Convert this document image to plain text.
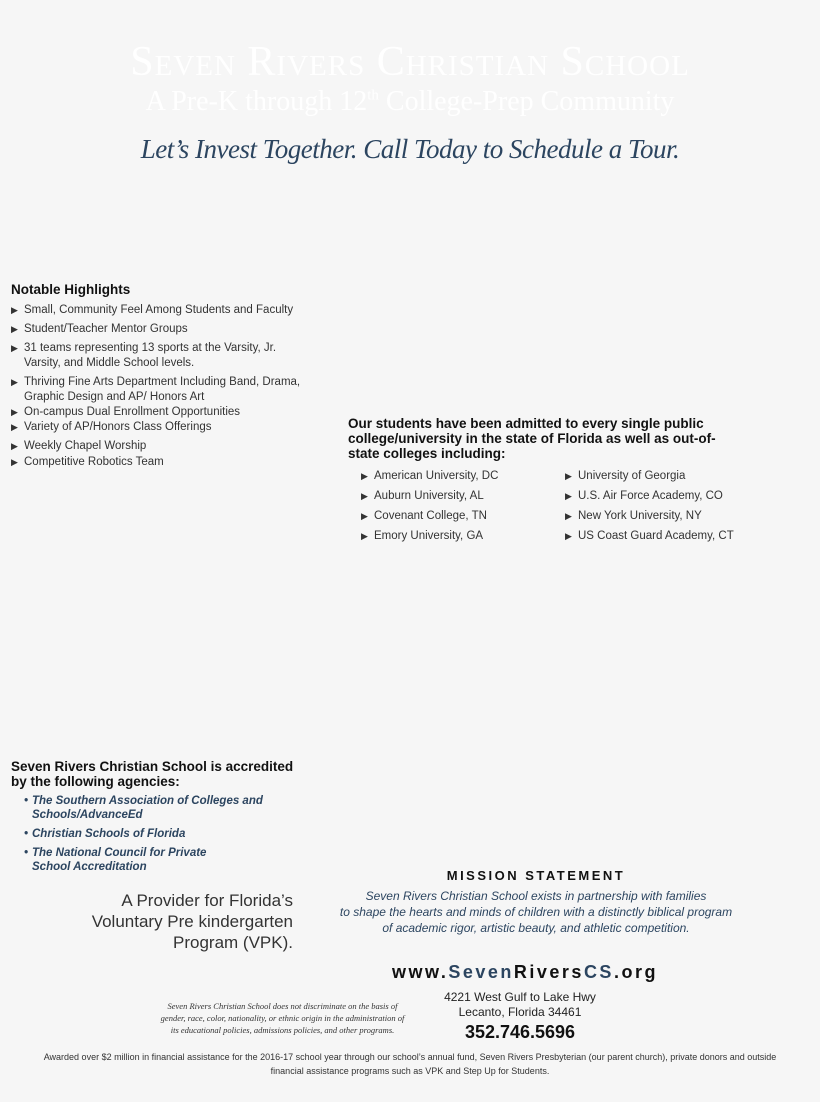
Seven Rivers Christian School
A Pre-K through 12th College-Prep Community
Let’s Invest Together. Call Today to Schedule a Tour.
Notable Highlights
▶ Small, Community Feel Among Students and Faculty
▶ Student/Teacher Mentor Groups
▶ 31 teams representing 13 sports at the Varsity, Jr. Varsity, and Middle School levels.
▶ Thriving Fine Arts Department Including Band, Drama, Graphic Design and AP/ Honors Art
▶ On-campus Dual Enrollment Opportunities
▶ Variety of AP/Honors Class Offerings
▶ Weekly Chapel Worship
▶ Competitive Robotics Team
Our students have been admitted to every single public college/university in the state of Florida as well as out-of-state colleges including:
▶ American University, DC
▶ Auburn University, AL
▶ Covenant College, TN
▶ Emory University, GA
▶ University of Georgia
▶ U.S. Air Force Academy, CO
▶ New York University, NY
▶ US Coast Guard Academy, CT
Seven Rivers Christian School is accredited by the following agencies:
• The Southern Association of Colleges and Schools/AdvanceEd
• Christian Schools of Florida
• The National Council for Private School Accreditation
A Provider for Florida’s
Voluntary Pre kindergarten
Program (VPK).
MISSION STATEMENT
Seven Rivers Christian School exists in partnership with families
to shape the hearts and minds of children with a distinctly biblical program
of academic rigor, artistic beauty, and athletic competition.
www.SevenRiversCS.org
4221 West Gulf to Lake Hwy
Lecanto, Florida 34461
352.746.5696
Seven Rivers Christian School does not discriminate on the basis of
gender, race, color, nationality, or ethnic origin in the administration of
its educational policies, admissions policies, and other programs.
Awarded over $2 million in financial assistance for the 2016-17 school year through our school’s annual fund, Seven Rivers Presbyterian (our parent church), private donors and outside financial assistance programs such as VPK and Step Up for Students.
